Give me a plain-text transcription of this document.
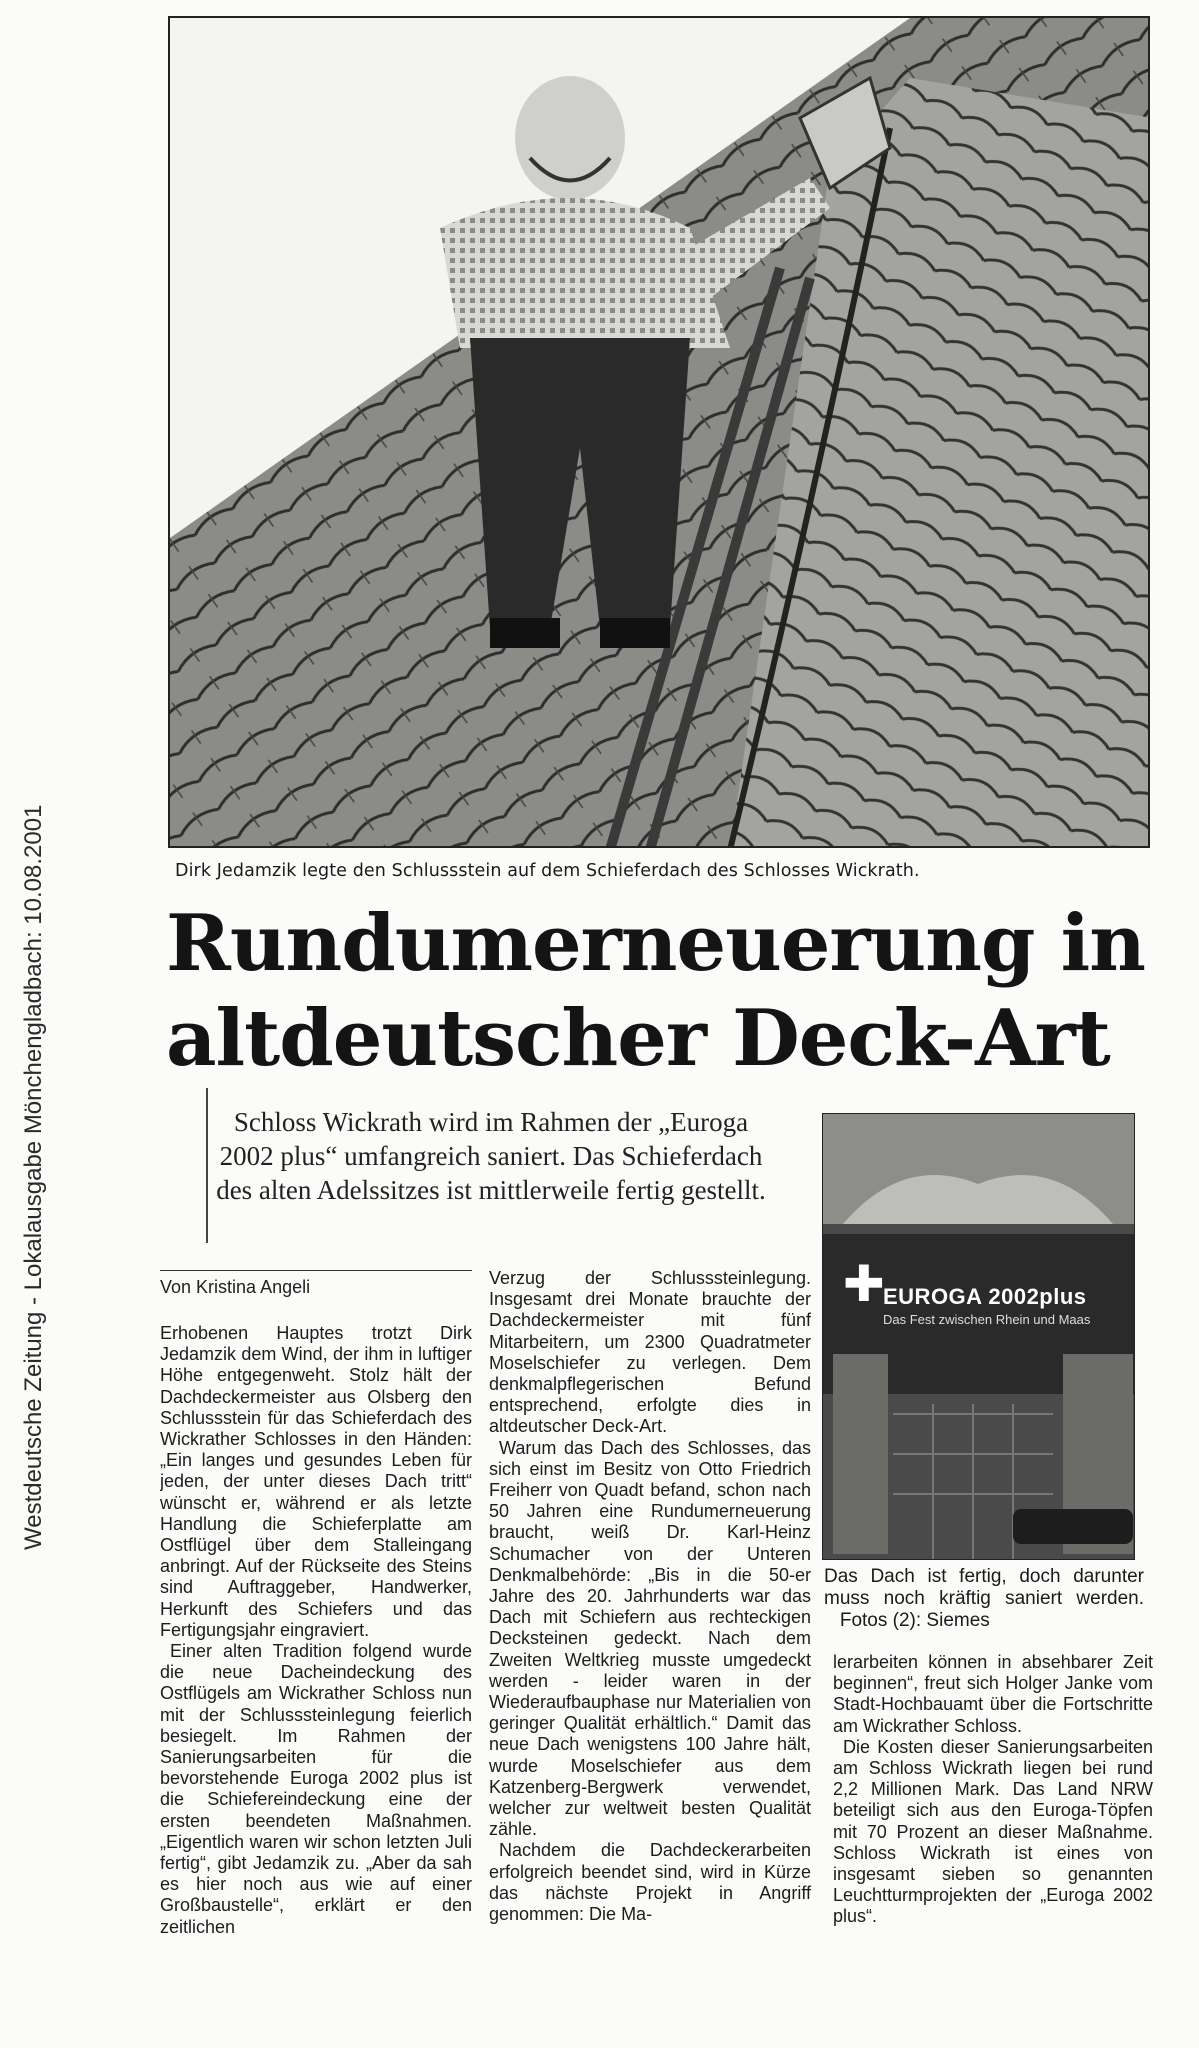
Westdeutsche Zeitung - Lokalausgabe Mönchengladbach: 10.08.2001	Dirk Jedamzik legte den Schlussstein auf dem Schieferdach des Schlosses Wickrath.
Rundumerneuerung in
altdeutscher Deck-Art
Schloss Wickrath wird im Rahmen der „Euroga 2002 plus“ umfangreich saniert. Das Schieferdach des alten Adelssitzes ist mittlerweile fertig gestellt.
✚
EUROGA 2002plus
Das Fest zwischen Rhein und Maas
Das Dach ist fertig, doch darunter muss noch kräftig saniert werden.    Fotos (2): Siemes
Von Kristina Angeli

Erhobenen Hauptes trotzt Dirk Jedamzik dem Wind, der ihm in luftiger Höhe entgegenweht. Stolz hält der Dachdeckermeister aus Olsberg den Schlussstein für das Schieferdach des Wickrather Schlosses in den Händen: „Ein langes und gesundes Leben für jeden, der unter dieses Dach tritt“ wünscht er, während er als letzte Handlung die Schieferplatte am Ostflügel über dem Stalleingang anbringt. Auf der Rückseite des Steins sind Auftraggeber, Handwerker, Herkunft des Schiefers und das Fertigungsjahr eingraviert.

Einer alten Tradition folgend wurde die neue Dacheindeckung des Ostflügels am Wickrather Schloss nun mit der Schlusssteinlegung feierlich besiegelt. Im Rahmen der Sanierungsarbeiten für die bevorstehende Euroga 2002 plus ist die Schiefereindeckung eine der ersten beendeten Maßnahmen. „Eigentlich waren wir schon letzten Juli fertig“, gibt Jedamzik zu. „Aber da sah es hier noch aus wie auf einer Großbaustelle“, erklärt er den zeitlichen

Verzug der Schlusssteinlegung. Insgesamt drei Monate brauchte der Dachdeckermeister mit fünf Mitarbeitern, um 2300 Quadratmeter Moselschiefer zu verlegen. Dem denkmalpflegerischen Befund entsprechend, erfolgte dies in altdeutscher Deck-Art.

Warum das Dach des Schlosses, das sich einst im Besitz von Otto Friedrich Freiherr von Quadt befand, schon nach 50 Jahren eine Rundumerneuerung braucht, weiß Dr. Karl-Heinz Schumacher von der Unteren Denkmalbehörde: „Bis in die 50-er Jahre des 20. Jahrhunderts war das Dach mit Schiefern aus rechteckigen Decksteinen gedeckt. Nach dem Zweiten Weltkrieg musste umgedeckt werden - leider waren in der Wiederaufbauphase nur Materialien von geringer Qualität erhältlich.“ Damit das neue Dach wenigstens 100 Jahre hält, wurde Moselschiefer aus dem Katzenberg-Bergwerk verwendet, welcher zur weltweit besten Qualität zähle.

Nachdem die Dachdeckerarbeiten erfolgreich beendet sind, wird in Kürze das nächste Projekt in Angriff genommen: Die Ma-

lerarbeiten können in absehbarer Zeit beginnen“, freut sich Holger Janke vom Stadt-Hochbauamt über die Fortschritte am Wickrather Schloss.

Die Kosten dieser Sanierungsarbeiten am Schloss Wickrath liegen bei rund 2,2 Millionen Mark. Das Land NRW beteiligt sich aus den Euroga-Töpfen mit 70 Prozent an dieser Maßnahme. Schloss Wickrath ist eines von insgesamt sieben so genannten Leuchtturmprojekten der „Euroga 2002 plus“.
